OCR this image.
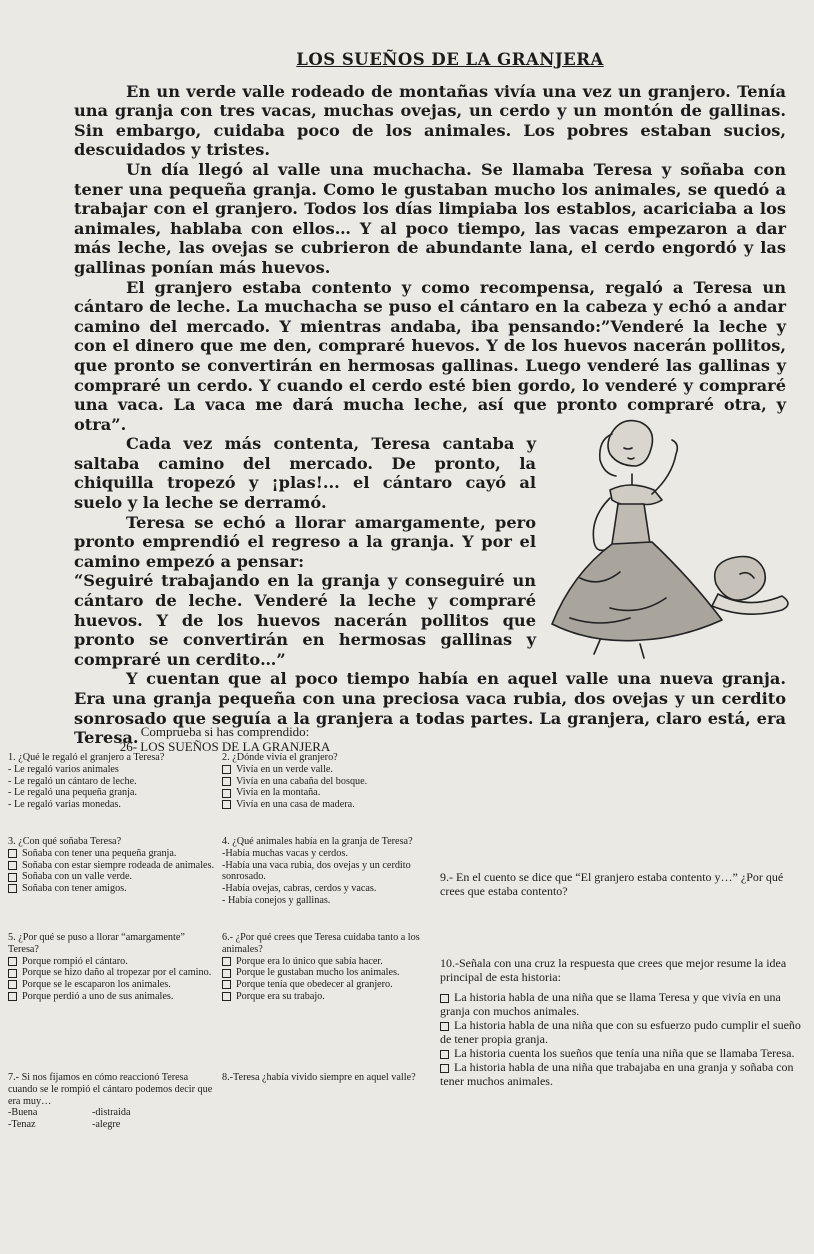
LOS SUEÑOS DE LA GRANJERA

En un verde valle rodeado de montañas vivía una vez un granjero. Tenía una granja con tres vacas, muchas ovejas, un cerdo y un montón de gallinas. Sin embargo, cuidaba poco de los animales. Los pobres estaban sucios, descuidados y tristes.

Un día llegó al valle una muchacha. Se llamaba Teresa y soñaba con tener una pequeña granja. Como le gustaban mucho los animales, se quedó a trabajar con el granjero. Todos los días limpiaba los establos, acariciaba a los animales, hablaba con ellos… Y al poco tiempo, las vacas empezaron a dar más leche, las ovejas se cubrieron de abundante lana, el cerdo engordó y las gallinas ponían más huevos.

El granjero estaba contento y como recompensa, regaló a Teresa un cántaro de leche. La muchacha se puso el cántaro en la cabeza y echó a andar camino del mercado. Y mientras andaba, iba pensando:”Venderé la leche y con el dinero que me den, compraré huevos. Y de los huevos nacerán pollitos, que pronto se convertirán en hermosas gallinas. Luego venderé las gallinas y compraré un cerdo. Y cuando el cerdo esté bien gordo, lo venderé y compraré una vaca. La vaca me dará mucha leche, así que pronto compraré otra, y otra”.

Cada vez más contenta, Teresa cantaba y saltaba camino del mercado. De pronto, la chiquilla tropezó y ¡plas!... el cántaro cayó al suelo y la leche se derramó.

Teresa se echó a llorar amargamente, pero pronto emprendió el regreso a la granja. Y por el camino empezó a pensar:

“Seguiré trabajando en la granja y conseguiré un cántaro de leche. Venderé la leche y compraré huevos. Y de los huevos nacerán pollitos que pronto se convertirán en hermosas gallinas y compraré un cerdito…”

Y cuentan que al poco tiempo había en aquel valle una nueva granja. Era una granja pequeña con una preciosa vaca rubia, dos ovejas y un cerdito sonrosado que seguía a la granjera a todas partes. La granjera, claro está, era Teresa. Comprueba si has comprendido:
26- LOS SUEÑOS DE LA GRANJERA
1. ¿Qué le regaló el granjero a Teresa?
- Le regaló varios animales
- Le regaló un cántaro de leche.
- Le regaló una pequeña granja.
- Le regaló varias monedas.
2. ¿Dónde vivía el granjero?
Vivía en un verde valle.
Vivía en una cabaña del bosque.
Vivía en la montaña.
Vivía en una casa de madera.
3. ¿Con qué soñaba Teresa?
Soñaba con tener una pequeña granja.
Soñaba con estar siempre rodeada de animales.
Soñaba con un valle verde.
Soñaba con tener amigos.
4. ¿Qué animales había en la granja de Teresa?
-Había muchas vacas y cerdos.
-Había una vaca rubia, dos ovejas y un cerdito sonrosado.
-Había ovejas, cabras, cerdos y vacas.
- Había conejos y gallinas.
9.- En el cuento se dice que “El granjero estaba contento y…” ¿Por qué crees que estaba contento?
5. ¿Por qué se puso a llorar “amargamente” Teresa?
Porque rompió el cántaro.
Porque se hizo daño al tropezar por el camino.
Porque se le escaparon los animales.
Porque perdió a uno de sus animales.
6.- ¿Por qué crees que Teresa cuidaba tanto a los animales?
Porque era lo único que sabía hacer.
Porque le gustaban mucho los animales.
Porque tenía que obedecer al granjero.
Porque era su trabajo.
10.-Señala con una cruz la respuesta que crees que mejor resume la idea principal de esta historia:
La historia habla de una niña que se llama Teresa y que vivía en una granja con muchos animales.
La historia habla de una niña que con su esfuerzo pudo cumplir el sueño de tener propia granja.
La historia cuenta los sueños que tenía una niña que se llamaba Teresa.
La historia habla de una niña que trabajaba en una granja y soñaba con tener muchos animales.
7.- Si nos fijamos en cómo reaccionó Teresa cuando se le rompió el cántaro podemos decir que era muy…
-Buena	-distraida
-Tenaz	-alegre
8.-Teresa ¿había vivido siempre en aquel valle?
